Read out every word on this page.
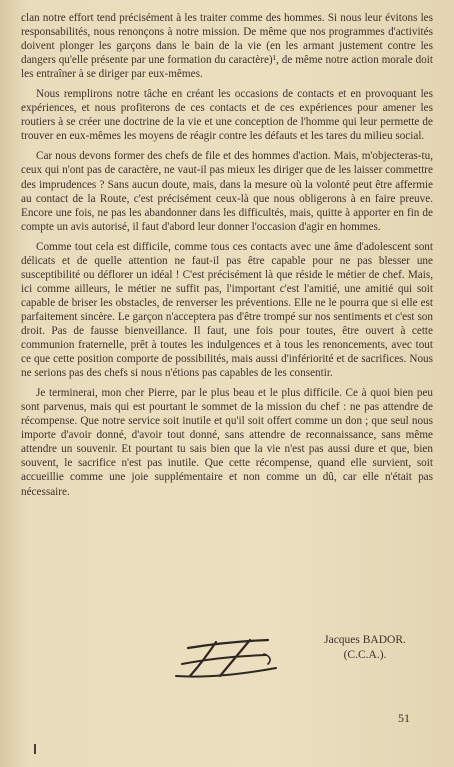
clan notre effort tend précisément à les traiter comme des hommes. Si nous leur évitons les responsabilités, nous renonçons à notre mission. De même que nos programmes d'activités doivent plonger les garçons dans le bain de la vie (en les armant justement contre les dangers qu'elle présente par une formation du caractère)¹, de même notre action morale doit les entraîner à se diriger par eux-mêmes.

Nous remplirons notre tâche en créant les occasions de contacts et en provoquant les expériences, et nous profiterons de ces contacts et de ces expériences pour amener les routiers à se créer une doctrine de la vie et une conception de l'homme qui leur permette de trouver en eux-mêmes les moyens de réagir contre les défauts et les tares du milieu social.

Car nous devons former des chefs de file et des hommes d'action. Mais, m'objecteras-tu, ceux qui n'ont pas de caractère, ne vaut-il pas mieux les diriger que de les laisser commettre des imprudences ? Sans aucun doute, mais, dans la mesure où la volonté peut être affermie au contact de la Route, c'est précisément ceux-là que nous obligerons à en faire preuve. Encore une fois, ne pas les abandonner dans les difficultés, mais, quitte à apporter en fin de compte un avis autorisé, il faut d'abord leur donner l'occasion d'agir en hommes.

Comme tout cela est difficile, comme tous ces contacts avec une âme d'adolescent sont délicats et de quelle attention ne faut-il pas être capable pour ne pas blesser une susceptibilité ou déflorer un idéal ! C'est précisément là que réside le métier de chef. Mais, ici comme ailleurs, le métier ne suffit pas, l'important c'est l'amitié, une amitié qui soit capable de briser les obstacles, de renverser les préventions. Elle ne le pourra que si elle est parfaitement sincère. Le garçon n'acceptera pas d'être trompé sur nos sentiments et c'est son droit. Pas de fausse bienveillance. Il faut, une fois pour toutes, être ouvert à cette communion fraternelle, prêt à toutes les indulgences et à tous les renoncements, avec tout ce que cette position comporte de possibilités, mais aussi d'infériorité et de sacrifices. Nous ne serions pas des chefs si nous n'étions pas capables de les consentir.

Je terminerai, mon cher Pierre, par le plus beau et le plus difficile. Ce à quoi bien peu sont parvenus, mais qui est pourtant le sommet de la mission du chef : ne pas attendre de récompense. Que notre service soit inutile et qu'il soit offert comme un don ; que seul nous importe d'avoir donné, d'avoir tout donné, sans attendre de reconnaissance, sans même attendre un souvenir. Et pourtant tu sais bien que la vie n'est pas aussi dure et que, bien souvent, le sacrifice n'est pas inutile. Que cette récompense, quand elle survient, soit accueillie comme une joie supplémentaire et non comme un dû, car elle n'était pas nécessaire.

Jacques BADOR.
(C.C.A.).
51
